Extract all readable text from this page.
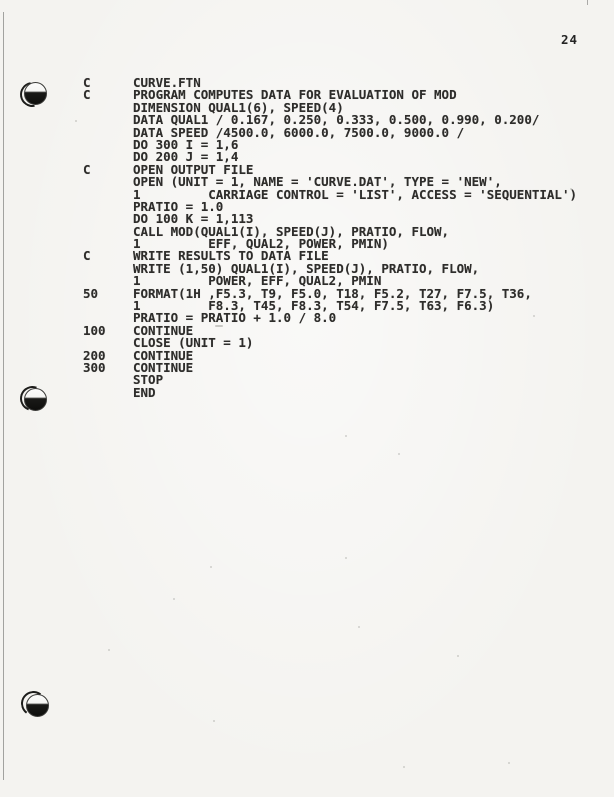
24
C	CURVE.FTN
C	PROGRAM COMPUTES DATA FOR EVALUATION OF MOD
DIMENSION QUAL1(6), SPEED(4)
DATA QUAL1 / 0.167, 0.250, 0.333, 0.500, 0.990, 0.200/
DATA SPEED /4500.0, 6000.0, 7500.0, 9000.0 /
DO 300 I = 1,6
DO 200 J = 1,4
C	OPEN OUTPUT FILE
OPEN (UNIT = 1, NAME = 'CURVE.DAT', TYPE = 'NEW',
1         CARRIAGE CONTROL = 'LIST', ACCESS = 'SEQUENTIAL')
PRATIO = 1.0
DO 100 K = 1,113
CALL MOD(QUAL1(I), SPEED(J), PRATIO, FLOW,
1         EFF, QUAL2, POWER, PMIN)
C	WRITE RESULTS TO DATA FILE
WRITE (1,50) QUAL1(I), SPEED(J), PRATIO, FLOW,
1         POWER, EFF, QUAL2, PMIN
50	FORMAT(1H ,F5.3, T9, F5.0, T18, F5.2, T27, F7.5, T36,
1         F8.3, T45, F8.3, T54, F7.5, T63, F6.3)
PRATIO = PRATIO + 1.0 / 8.0
100 CONTINUE
CLOSE (UNIT = 1)
200 CONTINUE
300 CONTINUE
STOP
END
